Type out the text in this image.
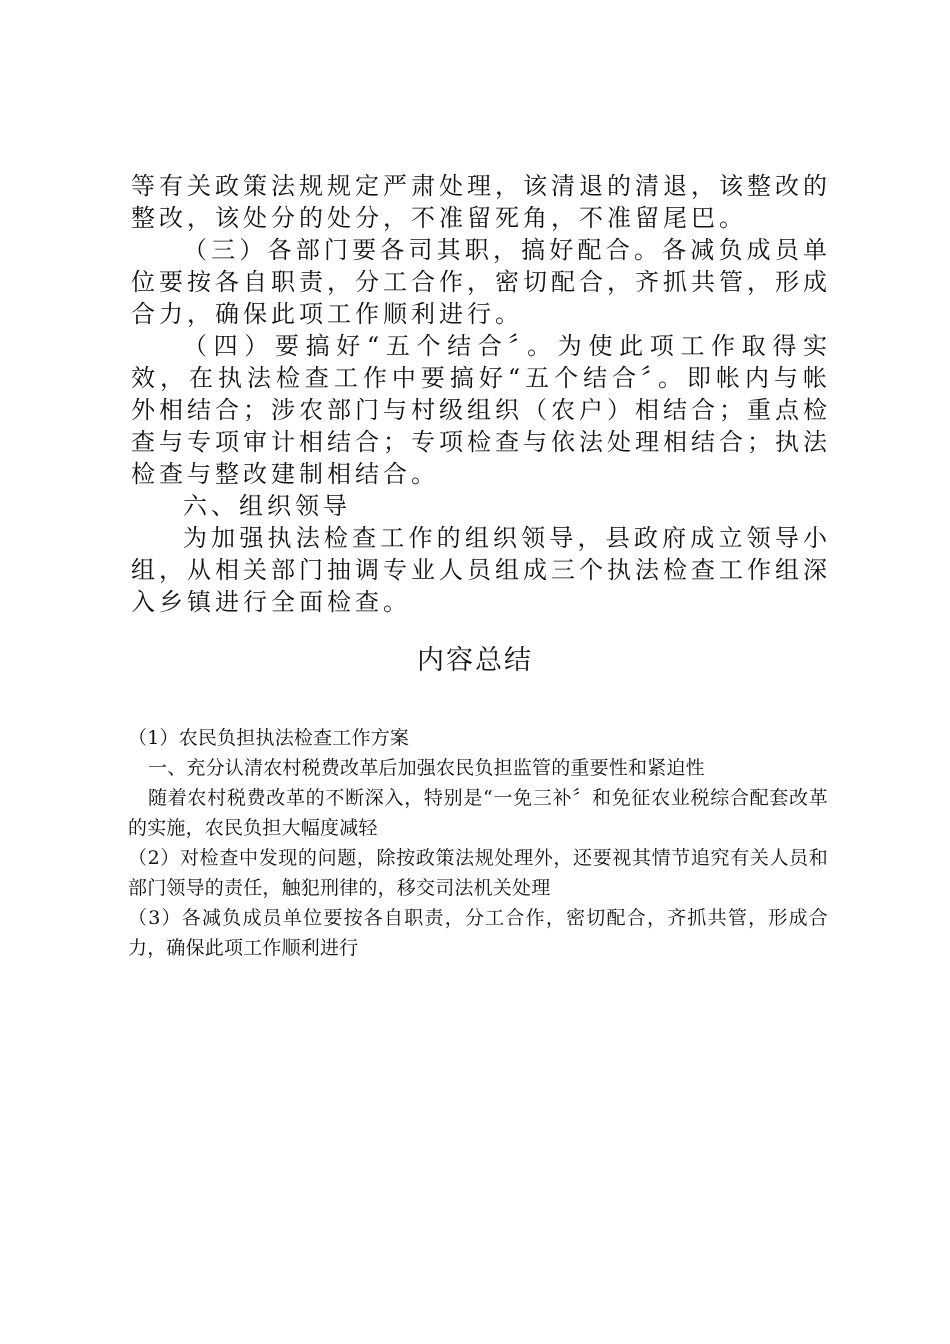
等有关政策法规规定严肃处理，该清退的清退，该整改的整改，该处分的处分，不准留死角，不准留尾巴。

（三）各部门要各司其职，搞好配合。各减负成员单位要按各自职责，分工合作，密切配合，齐抓共管，形成合力，确保此项工作顺利进行。

（四）要搞好“五个结合〞。为使此项工作取得实效，在执法检查工作中要搞好“五个结合〞。即帐内与帐外相结合；涉农部门与村级组织（农户）相结合；重点检查与专项审计相结合；专项检查与依法处理相结合；执法检查与整改建制相结合。

六、组织领导

为加强执法检查工作的组织领导，县政府成立领导小组，从相关部门抽调专业人员组成三个执法检查工作组深入乡镇进行全面检查。

内容总结

（1）农民负担执法检查工作方案

一、充分认清农村税费改革后加强农民负担监管的重要性和紧迫性

随着农村税费改革的不断深入，特别是“一免三补〞和免征农业税综合配套改革的实施，农民负担大幅度减轻

（2）对检查中发现的问题，除按政策法规处理外，还要视其情节追究有关人员和部门领导的责任，触犯刑律的，移交司法机关处理

（3）各减负成员单位要按各自职责，分工合作，密切配合，齐抓共管，形成合力，确保此项工作顺利进行
